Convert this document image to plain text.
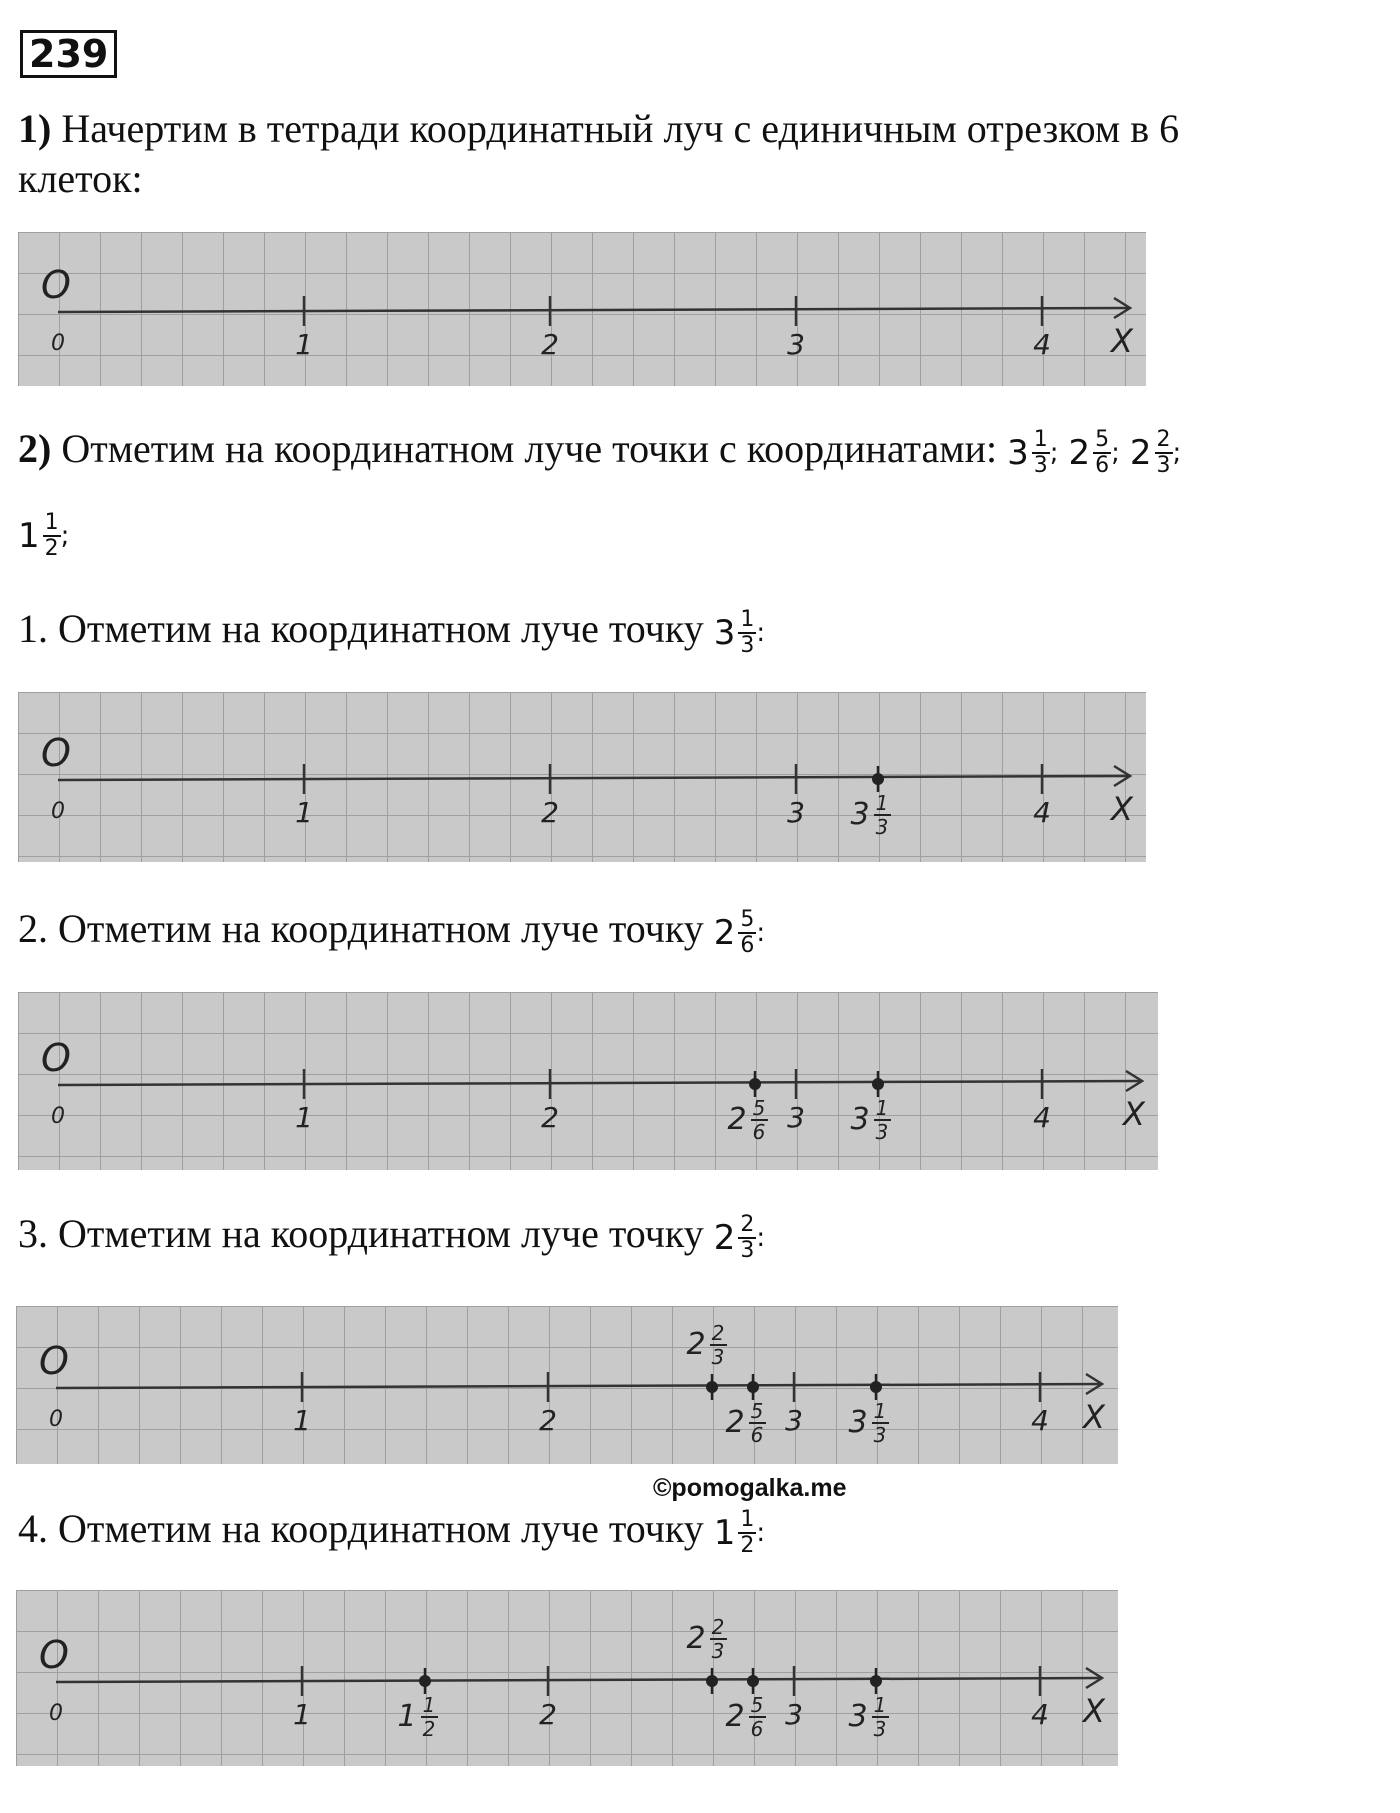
239

1) Начертим в тетради координатный луч с единичным отрезком в 6

клеток:

O
0	1	2	3	4 X

2) Отметим на координатном луче точки с координатами: $3 \frac{1}{3}$ ; $2 \frac{5}{6}$ ; $2 \frac{2}{3}$ ;

$1 \frac{1}{2}$ ;

1. Отметим на координатном луче точку $3 \frac{1}{3}$ :

O
0	1	2	3	4 X
3 1
3

2. Отметим на координатном луче точку $2 \frac{5}{6}$ :

O
0	1	2	3	4 X
2 5
6	3 1
3

3. Отметим на координатном луче точку $2 \frac{2}{3}$ :

O
0	1	2	3	4 X
2 2
3
2 5
6	3 1
3
©pomogalka.me

4. Отметим на координатном луче точку $1 \frac{1}{2}$ :

O
0	1	2	3	4 X
1 1
2
2 2
3
2 5
6	3 1
3
